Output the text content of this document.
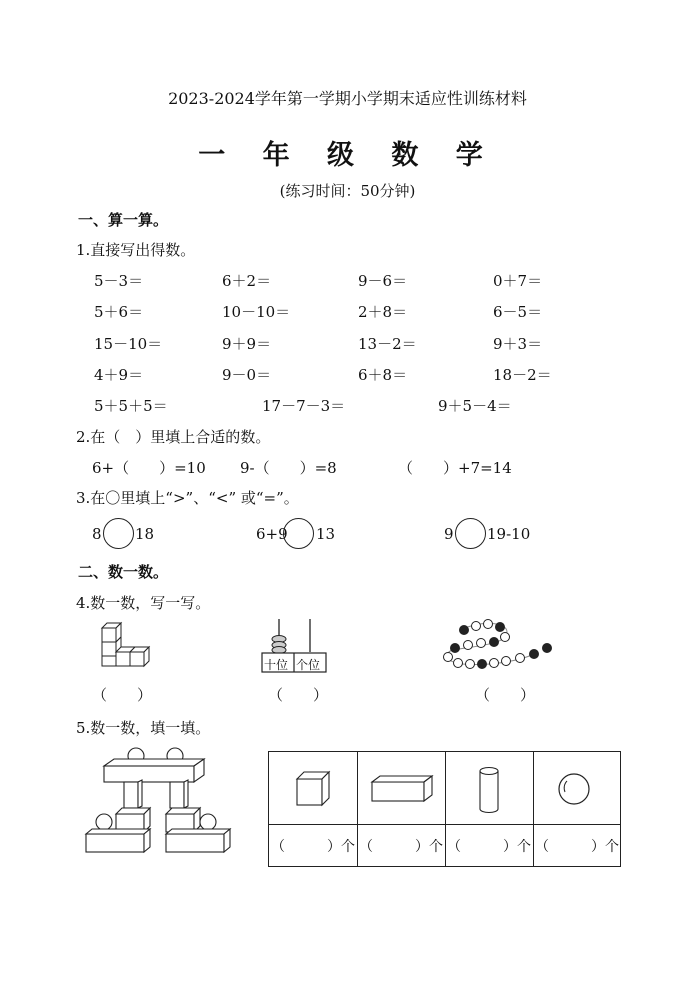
2023-2024学年第一学期小学期末适应性训练材料
一 年 级 数 学
(练习时间：50分钟)
一、算一算。
1.直接写出得数。
5－3＝	6＋2＝	9－6＝	0＋7＝
5＋6＝	10－10＝	2＋8＝	6－5＝
15－10＝	9＋9＝	13－2＝	9＋3＝
4＋9＝	9－0＝	6＋8＝	18－2＝
5＋5＋5＝	17－7－3＝	9＋5－4＝
2.在（　）里填上合适的数。
6+（　　）=10 9-（　　）=8	（　　）+7=14
3.在〇里填上“>”、“<” 或“=”。
8 18	6+9 13	9 19-10
二、数一数。
4.数一数，写一写。
十位 个位
（　　）	（　　）	（　　）
5.数一数，填一填。
（　　　）个 （　　　）个 （　　　）个 （　　　）个
